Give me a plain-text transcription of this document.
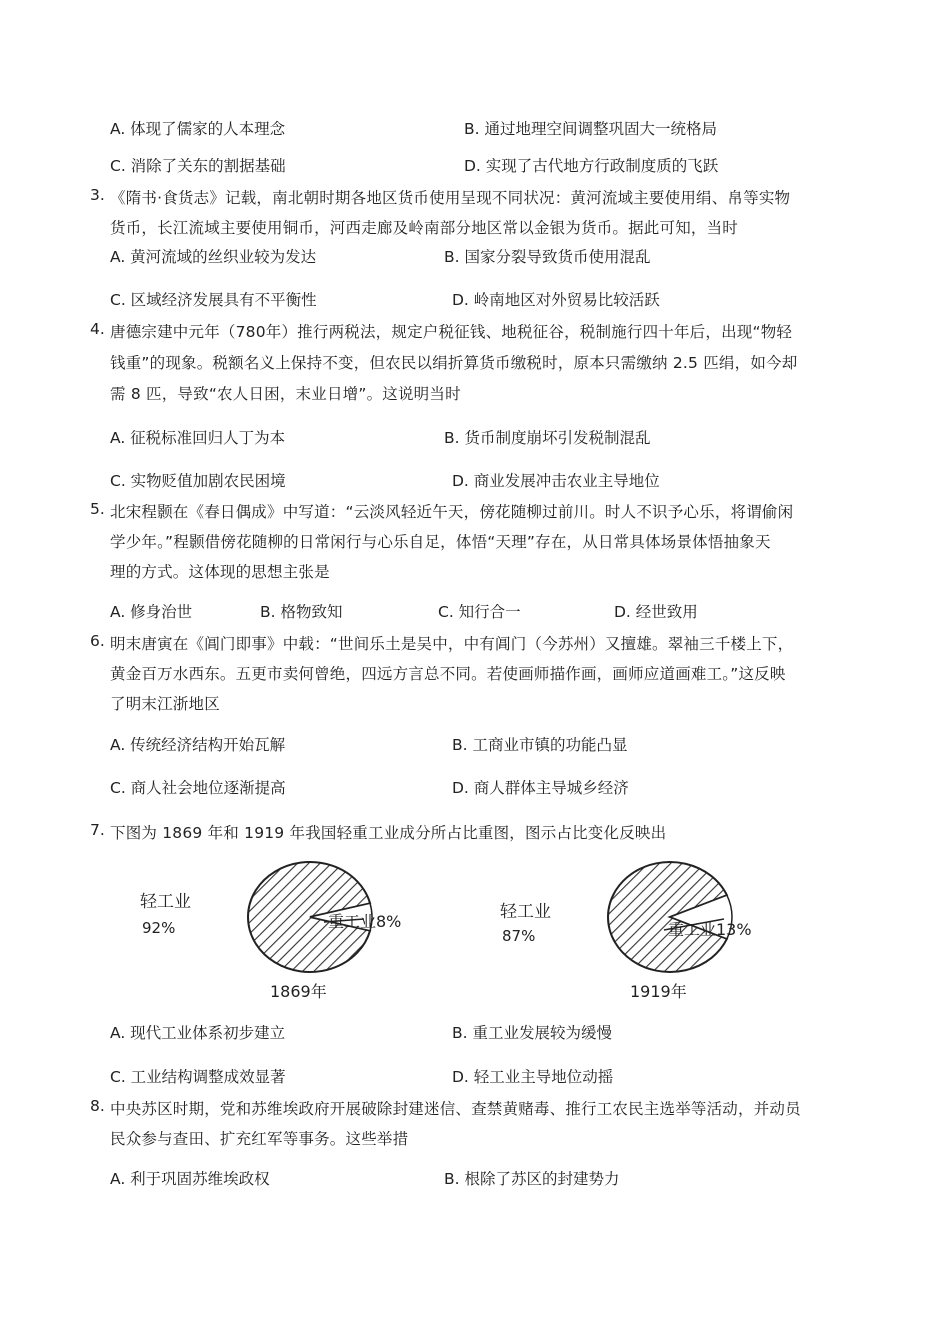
A. 体现了儒家的人本理念	B. 通过地理空间调整巩固大一统格局
C. 消除了关东的割据基础	D. 实现了古代地方行政制度质的飞跃
3. 《隋书·食货志》记载，南北朝时期各地区货币使用呈现不同状况：黄河流域主要使用绢、帛等实物
货币，长江流域主要使用铜币，河西走廊及岭南部分地区常以金银为货币。据此可知，当时
A. 黄河流域的丝织业较为发达	B. 国家分裂导致货币使用混乱
C. 区域经济发展具有不平衡性	D. 岭南地区对外贸易比较活跃
4. 唐德宗建中元年（780年）推行两税法，规定户税征钱、地税征谷，税制施行四十年后，出现“物轻
钱重”的现象。税额名义上保持不变，但农民以绢折算货币缴税时，原本只需缴纳 2.5 匹绢，如今却
需 8 匹，导致“农人日困，末业日增”。这说明当时
A. 征税标准回归人丁为本	B. 货币制度崩坏引发税制混乱
C. 实物贬值加剧农民困境	D. 商业发展冲击农业主导地位
5. 北宋程颢在《春日偶成》中写道：“云淡风轻近午天，傍花随柳过前川。时人不识予心乐，将谓偷闲
学少年。”程颢借傍花随柳的日常闲行与心乐自足，体悟“天理”存在，从日常具体场景体悟抽象天
理的方式。这体现的思想主张是
A. 修身治世	B. 格物致知	C. 知行合一	D. 经世致用
6. 明末唐寅在《阊门即事》中载：“世间乐土是吴中，中有阊门（今苏州）又擅雄。翠袖三千楼上下，
黄金百万水西东。五更市卖何曾绝，四远方言总不同。若使画师描作画，画师应道画难工。”这反映
了明末江浙地区
A. 传统经济结构开始瓦解	B. 工商业市镇的功能凸显
C. 商人社会地位逐渐提高	D. 商人群体主导城乡经济
7. 下图为 1869 年和 1919 年我国轻重工业成分所占比重图，图示占比变化反映出
轻工业
92%	重工业8%
1869年
轻工业
87%	重工业13%
1919年
A. 现代工业体系初步建立	B. 重工业发展较为缓慢
C. 工业结构调整成效显著	D. 轻工业主导地位动摇
8. 中央苏区时期，党和苏维埃政府开展破除封建迷信、查禁黄赌毒、推行工农民主选举等活动，并动员
民众参与查田、扩充红军等事务。这些举措
A. 利于巩固苏维埃政权	B. 根除了苏区的封建势力
